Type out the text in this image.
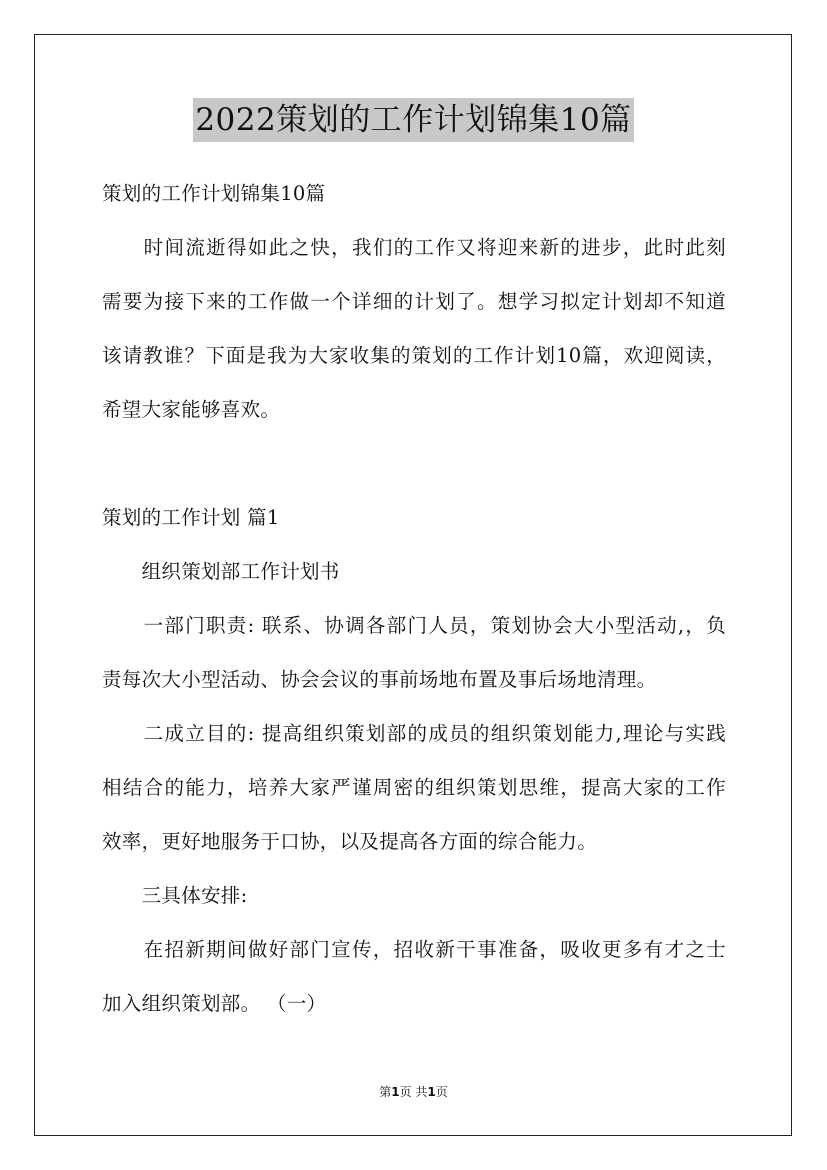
2022策划的工作计划锦集10篇
策划的工作计划锦集10篇
　　时间流逝得如此之快，我们的工作又将迎来新的进步，此时此刻
需要为接下来的工作做一个详细的计划了。想学习拟定计划却不知道
该请教谁？下面是我为大家收集的策划的工作计划10篇，欢迎阅读，
希望大家能够喜欢。
策划的工作计划 篇1
　　组织策划部工作计划书
　　一部门职责: 联系、协调各部门人员，策划协会大小型活动,，负
责每次大小型活动、协会会议的事前场地布置及事后场地清理。
　　二成立目的: 提高组织策划部的成员的组织策划能力,理论与实践
相结合的能力，培养大家严谨周密的组织策划思维，提高大家的工作
效率，更好地服务于口协，以及提高各方面的综合能力。
　　三具体安排:
　　在招新期间做好部门宣传，招收新干事准备，吸收更多有才之士
加入组织策划部。 （一）
第1页 共1页
